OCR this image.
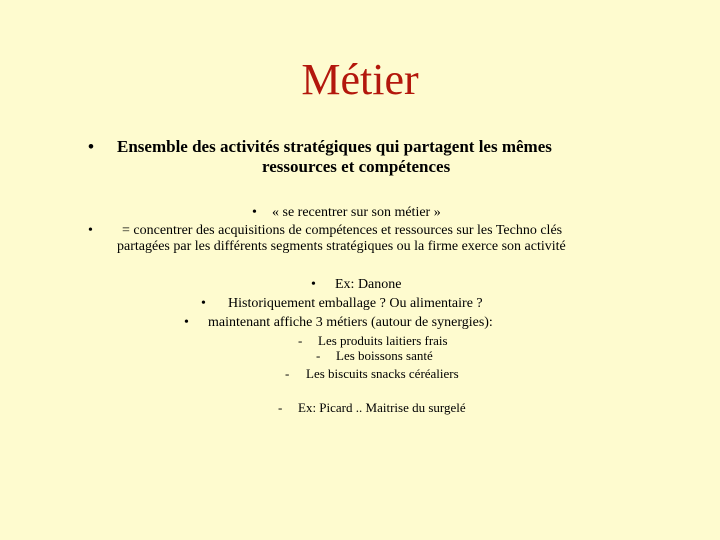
Métier
• Ensemble des activités stratégiques qui partagent les mêmes
ressources et compétences
• « se recentrer sur son métier »
• = concentrer des acquisitions de compétences et ressources sur les Techno clés
partagées par les différents segments stratégiques ou la firme exerce son activité
• Ex: Danone
• Historiquement emballage ? Ou alimentaire ?
• maintenant affiche 3 métiers (autour de synergies):
- Les produits laitiers frais
- Les boissons santé
- Les biscuits snacks céréaliers
- Ex: Picard .. Maitrise du surgelé
